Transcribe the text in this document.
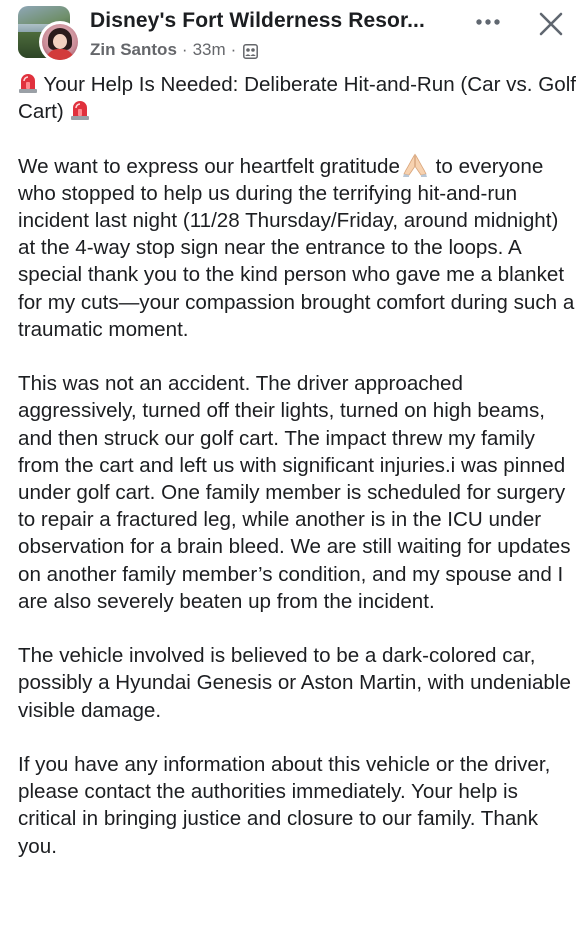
Disney's Fort Wilderness Resor...
Zin Santos · 33m ·

Your Help Is Needed: Deliberate Hit-and-Run (Car vs. Golf Cart)

We want to express our heartfelt gratitude to everyone who stopped to help us during the terrifying hit-and-run incident last night (11/28 Thursday/Friday, around midnight) at the 4-way stop sign near the entrance to the loops. A special thank you to the kind person who gave me a blanket for my cuts—your compassion brought comfort during such a traumatic moment.

This was not an accident. The driver approached aggressively, turned off their lights, turned on high beams, and then struck our golf cart. The impact threw my family from the cart and left us with significant injuries.i was pinned under golf cart. One family member is scheduled for surgery to repair a fractured leg, while another is in the ICU under observation for a brain bleed. We are still waiting for updates on another family member’s condition, and my spouse and I are also severely beaten up from the incident.

The vehicle involved is believed to be a dark-colored car, possibly a Hyundai Genesis or Aston Martin, with undeniable visible damage.

If you have any information about this vehicle or the driver, please contact the authorities immediately. Your help is critical in bringing justice and closure to our family. Thank you.
